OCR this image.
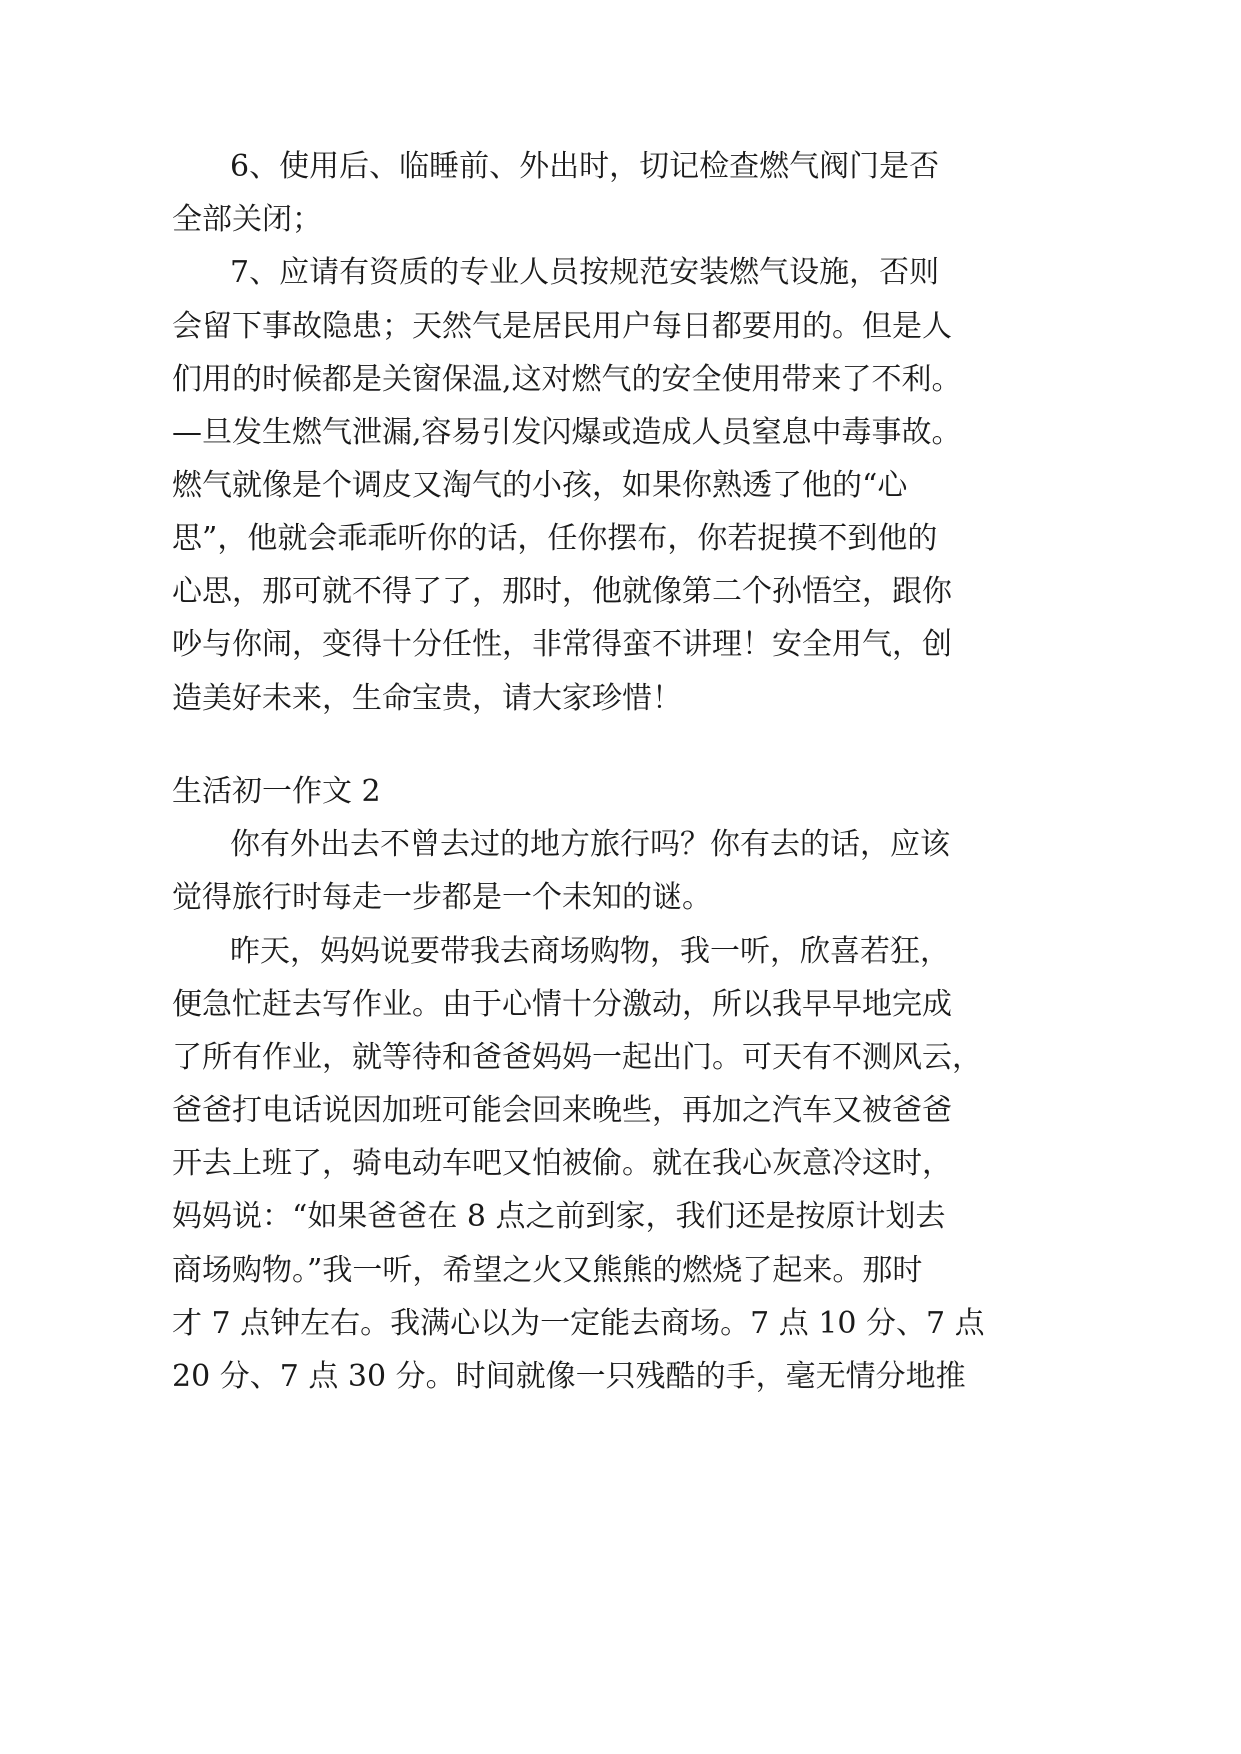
6、使用后、临睡前、外出时，切记检查燃气阀门是否
全部关闭；
7、应请有资质的专业人员按规范安装燃气设施，否则
会留下事故隐患；天然气是居民用户每日都要用的。但是人
们用的时候都是关窗保温,这对燃气的安全使用带来了不利。
—旦发生燃气泄漏,容易引发闪爆或造成人员窒息中毒事故。
燃气就像是个调皮又淘气的小孩，如果你熟透了他的“心
思”，他就会乖乖听你的话，任你摆布，你若捉摸不到他的
心思，那可就不得了了，那时，他就像第二个孙悟空，跟你
吵与你闹，变得十分任性，非常得蛮不讲理！安全用气，创
造美好未来，生命宝贵，请大家珍惜！
生活初一作文 2
你有外出去不曾去过的地方旅行吗？你有去的话，应该
觉得旅行时每走一步都是一个未知的谜。
昨天，妈妈说要带我去商场购物，我一听，欣喜若狂，
便急忙赶去写作业。由于心情十分激动，所以我早早地完成
了所有作业，就等待和爸爸妈妈一起出门。可天有不测风云，
爸爸打电话说因加班可能会回来晚些，再加之汽车又被爸爸
开去上班了，骑电动车吧又怕被偷。就在我心灰意冷这时，
妈妈说：“如果爸爸在 8 点之前到家，我们还是按原计划去
商场购物。”我一听，希望之火又熊熊的燃烧了起来。那时
才 7 点钟左右。我满心以为一定能去商场。7 点 10 分、7 点
20 分、7 点 30 分。时间就像一只残酷的手，毫无情分地推
